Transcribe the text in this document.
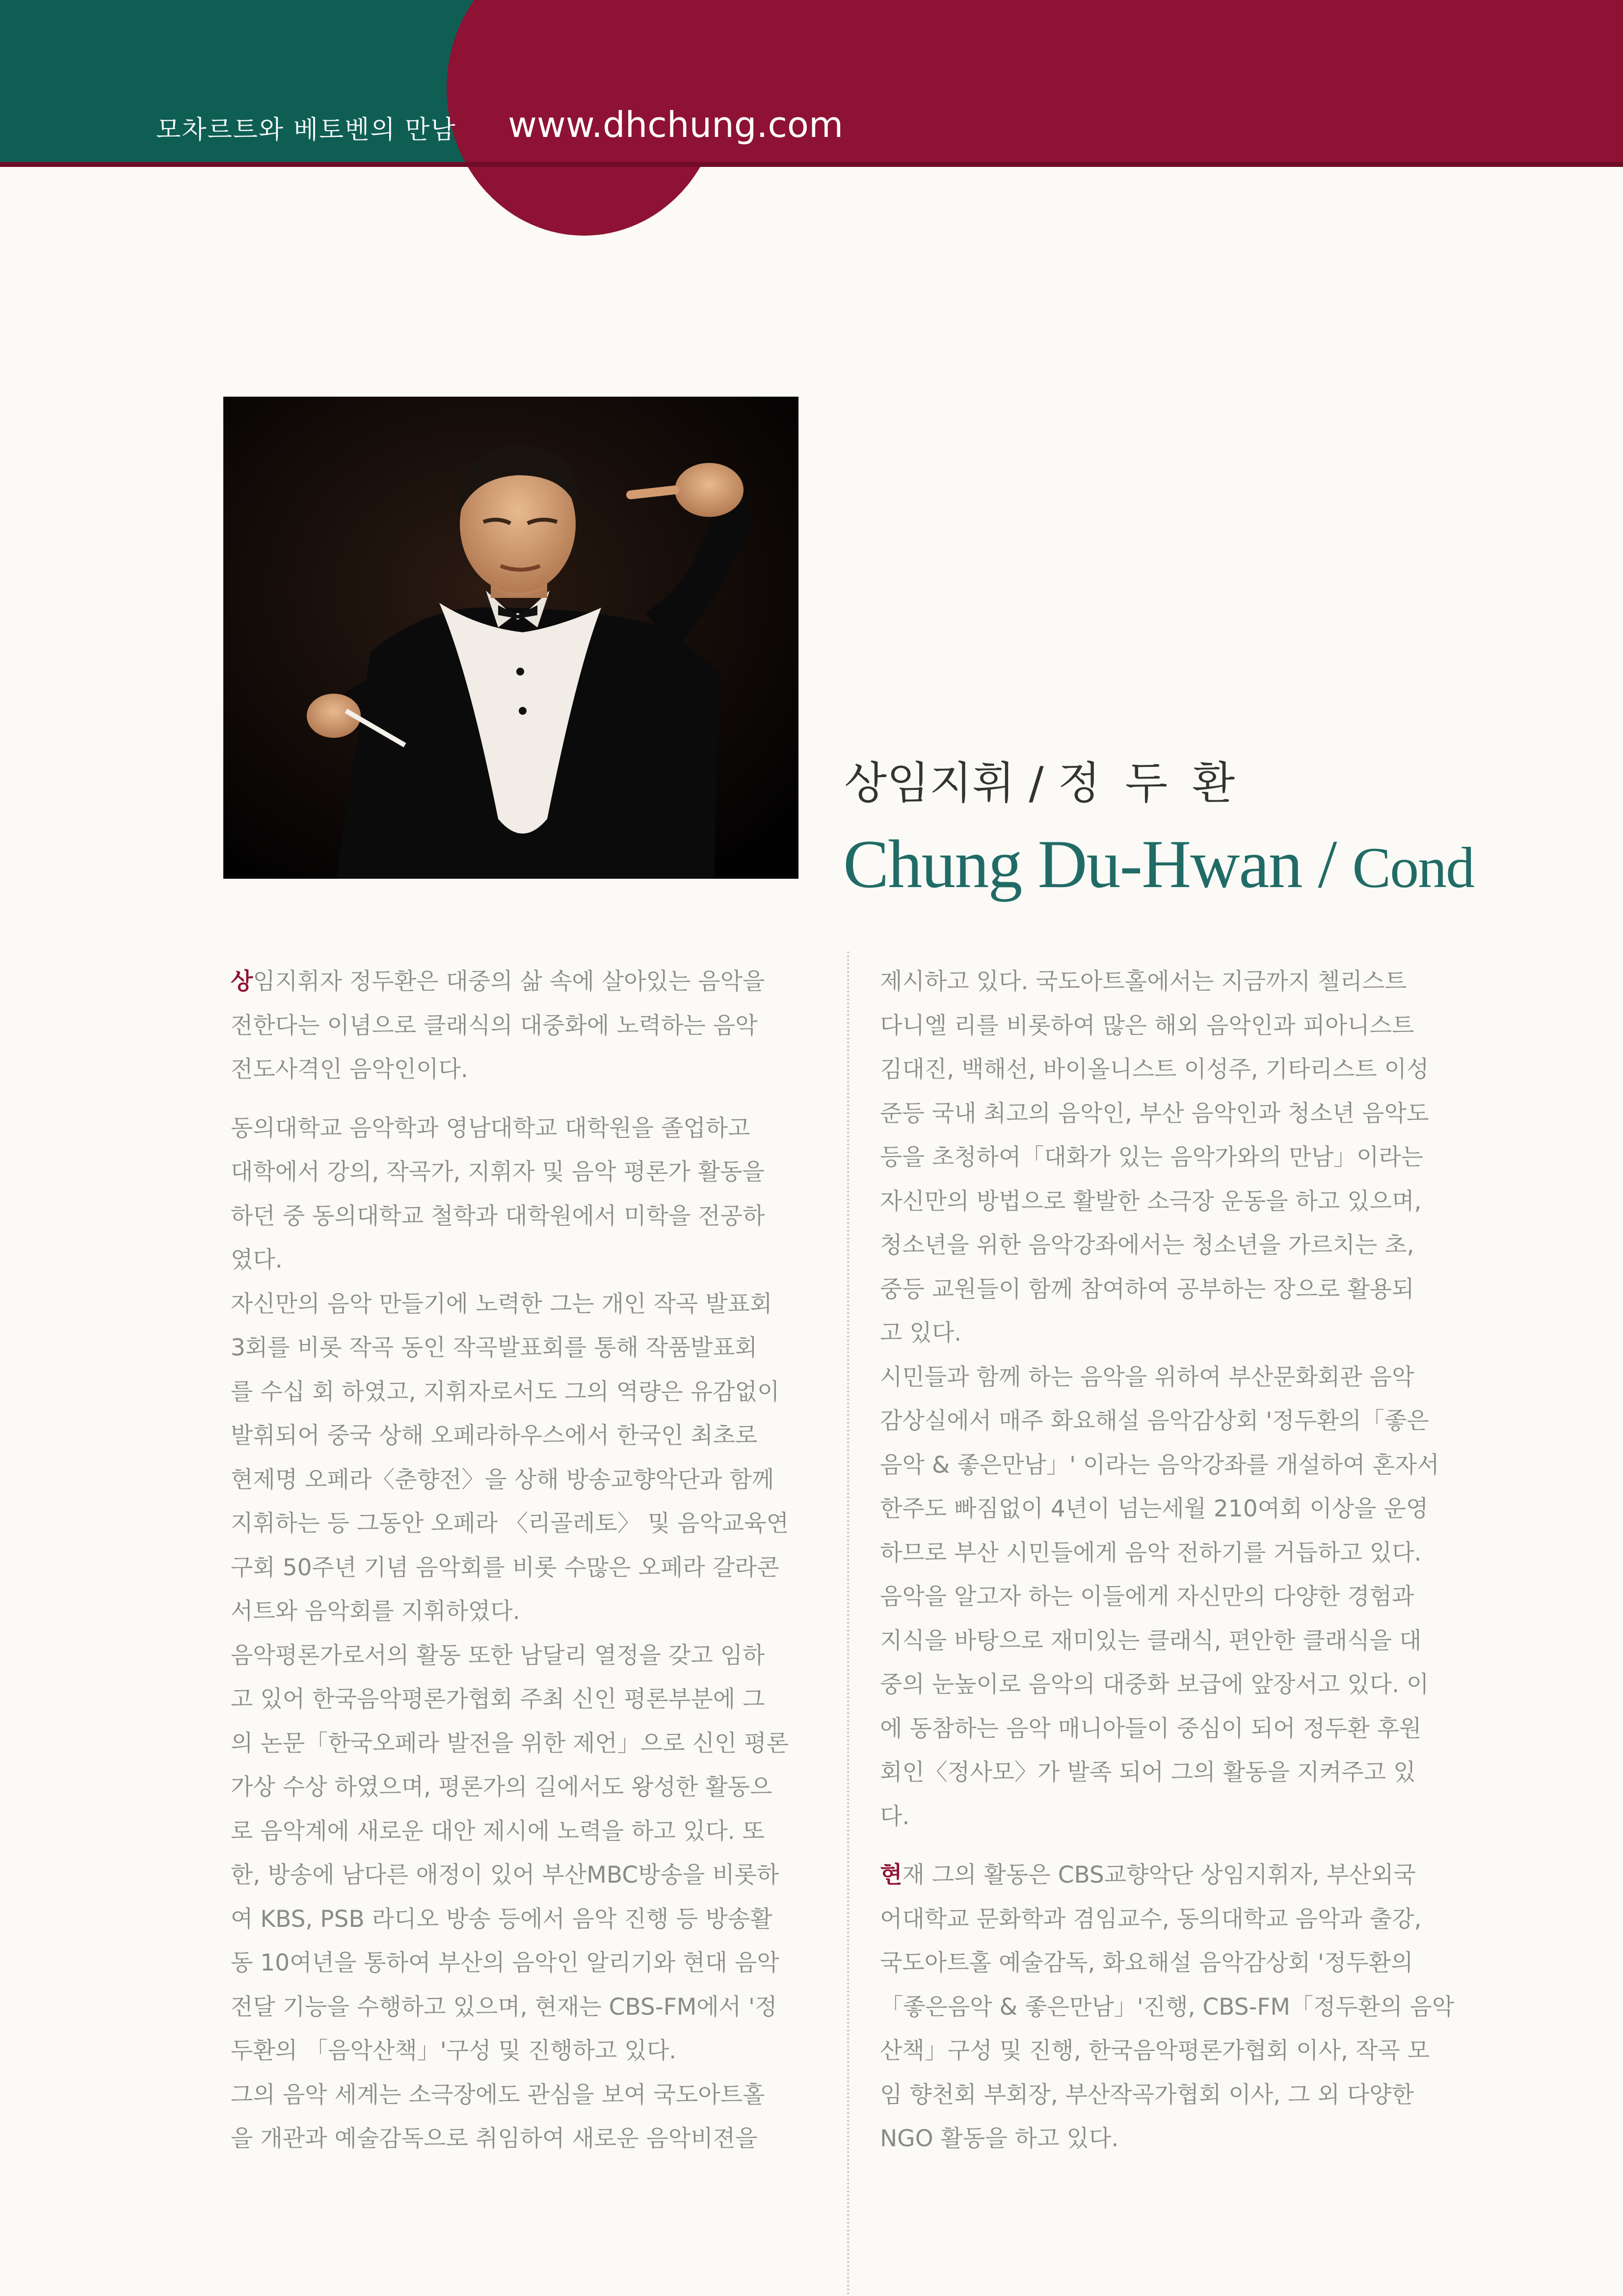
모차르트와 베토벤의 만남 www.dhchung.com
상임지휘 / 정두환
Chung Du-Hwan / Cond

상임지휘자 정두환은 대중의 삶 속에 살아있는 음악을
전한다는 이념으로 클래식의 대중화에 노력하는 음악
전도사격인 음악인이다.

동의대학교 음악학과 영남대학교 대학원을 졸업하고
대학에서 강의, 작곡가, 지휘자 및 음악 평론가 활동을
하던 중 동의대학교 철학과 대학원에서 미학을 전공하
였다.

자신만의 음악 만들기에 노력한 그는 개인 작곡 발표회
3회를 비롯 작곡 동인 작곡발표회를 통해 작품발표회
를 수십 회 하였고, 지휘자로서도 그의 역량은 유감없이
발휘되어 중국 상해 오페라하우스에서 한국인 최초로
현제명 오페라〈춘향전〉을 상해 방송교향악단과 함께
지휘하는 등 그동안 오페라 〈리골레토〉 및 음악교육연
구회 50주년 기념 음악회를 비롯 수많은 오페라 갈라콘
서트와 음악회를 지휘하였다.

음악평론가로서의 활동 또한 남달리 열정을 갖고 임하
고 있어 한국음악평론가협회 주최 신인 평론부분에 그
의 논문「한국오페라 발전을 위한 제언」으로 신인 평론
가상 수상 하였으며, 평론가의 길에서도 왕성한 활동으
로 음악계에 새로운 대안 제시에 노력을 하고 있다. 또
한, 방송에 남다른 애정이 있어 부산MBC방송을 비롯하
여 KBS, PSB 라디오 방송 등에서 음악 진행 등 방송활
동 10여년을 통하여 부산의 음악인 알리기와 현대 음악
전달 기능을 수행하고 있으며, 현재는 CBS-FM에서 '정
두환의 「음악산책」'구성 및 진행하고 있다.

그의 음악 세계는 소극장에도 관심을 보여 국도아트홀
을 개관과 예술감독으로 취임하여 새로운 음악비젼을

제시하고 있다. 국도아트홀에서는 지금까지 첼리스트
다니엘 리를 비롯하여 많은 해외 음악인과 피아니스트
김대진, 백해선, 바이올니스트 이성주, 기타리스트 이성
준등 국내 최고의 음악인, 부산 음악인과 청소년 음악도
등을 초청하여「대화가 있는 음악가와의 만남」이라는
자신만의 방법으로 활발한 소극장 운동을 하고 있으며,
청소년을 위한 음악강좌에서는 청소년을 가르치는 초,
중등 교원들이 함께 참여하여 공부하는 장으로 활용되
고 있다.

시민들과 함께 하는 음악을 위하여 부산문화회관 음악
감상실에서 매주 화요해설 음악감상회 '정두환의「좋은
음악 & 좋은만남」' 이라는 음악강좌를 개설하여 혼자서
한주도 빠짐없이 4년이 넘는세월 210여회 이상을 운영
하므로 부산 시민들에게 음악 전하기를 거듭하고 있다.
음악을 알고자 하는 이들에게 자신만의 다양한 경험과
지식을 바탕으로 재미있는 클래식, 편안한 클래식을 대
중의 눈높이로 음악의 대중화 보급에 앞장서고 있다. 이
에 동참하는 음악 매니아들이 중심이 되어 정두환 후원
회인〈정사모〉가 발족 되어 그의 활동을 지켜주고 있
다.

현재 그의 활동은 CBS교향악단 상임지휘자, 부산외국
어대학교 문화학과 겸임교수, 동의대학교 음악과 출강,
국도아트홀 예술감독, 화요해설 음악감상회 '정두환의
「좋은음악 & 좋은만남」'진행, CBS-FM「정두환의 음악
산책」구성 및 진행, 한국음악평론가협회 이사, 작곡 모
임 향천회 부회장, 부산작곡가협회 이사, 그 외 다양한
NGO 활동을 하고 있다.
